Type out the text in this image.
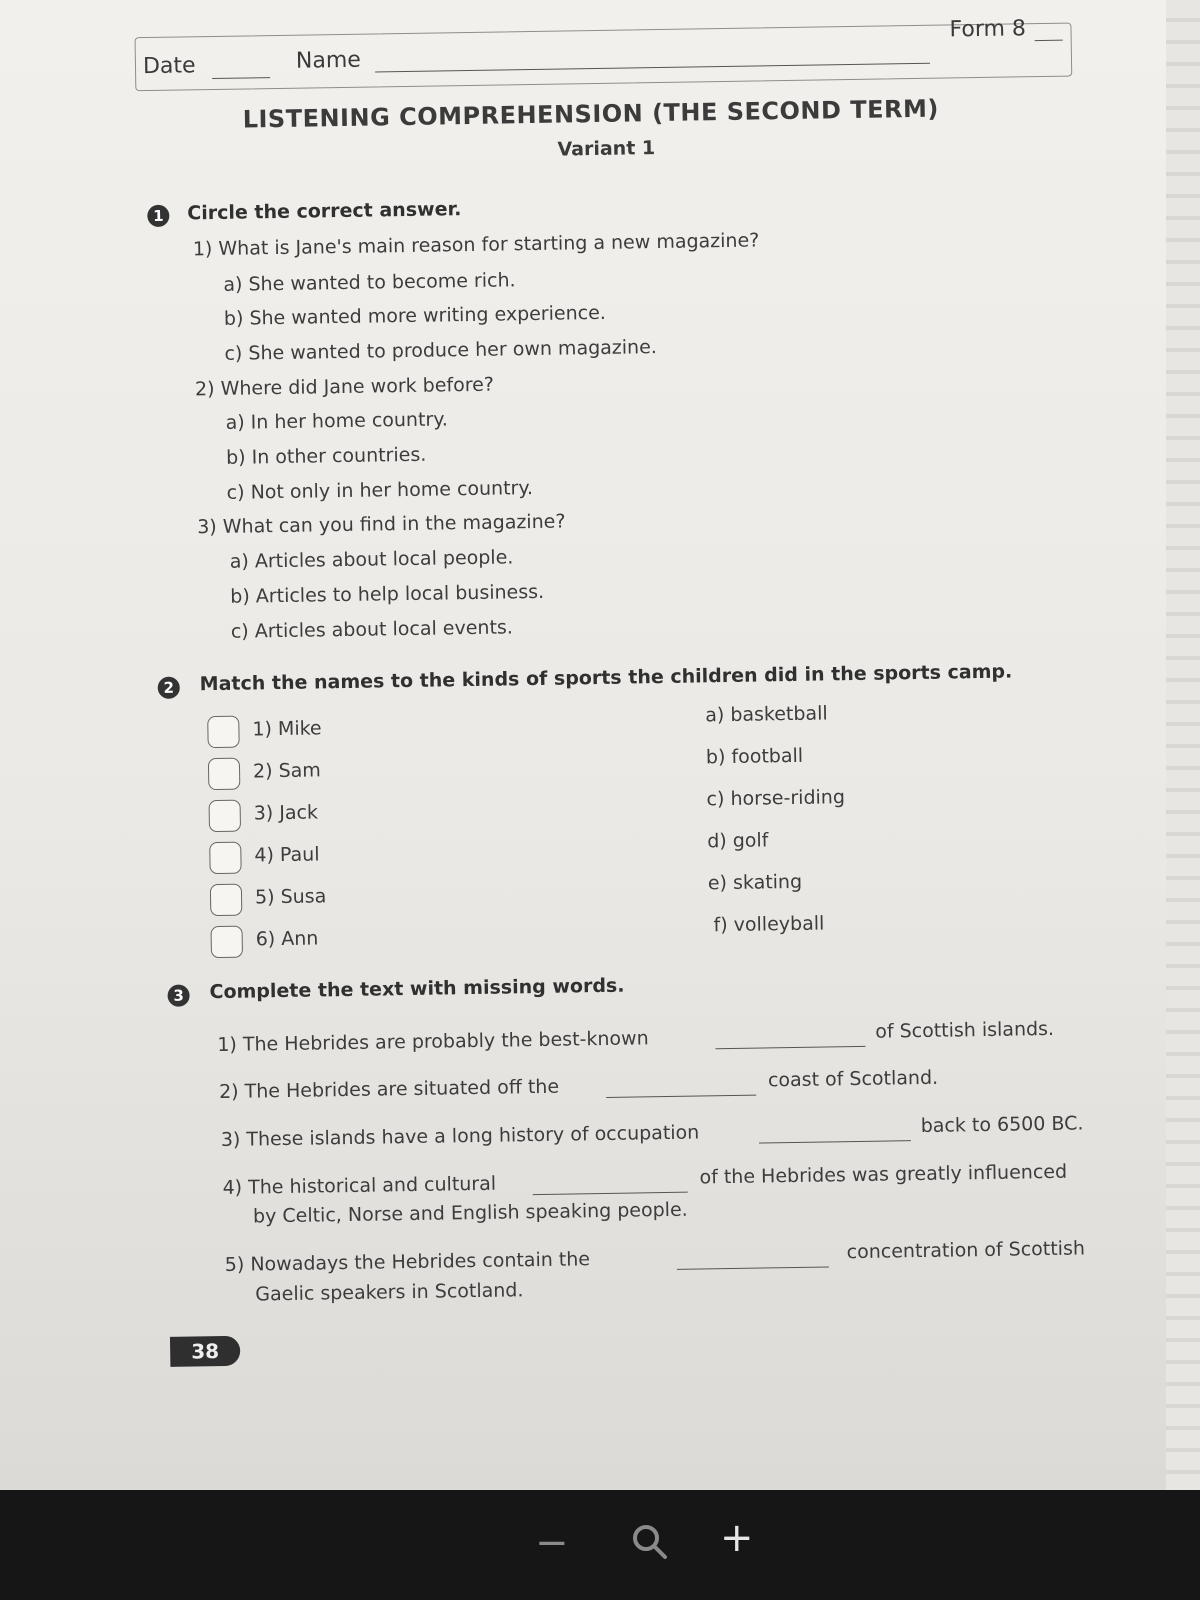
Date	Name
Form 8
LISTENING COMPREHENSION (THE SECOND TERM)
Variant 1
1	Circle the correct answer.
1) What is Jane's main reason for starting a new magazine?
a) She wanted to become rich.
b) She wanted more writing experience.
c) She wanted to produce her own magazine.
2) Where did Jane work before?
a) In her home country.
b) In other countries.
c) Not only in her home country.
3) What can you find in the magazine?
a) Articles about local people.
b) Articles to help local business.
c) Articles about local events.
2	Match the names to the kinds of sports the children did in the sports camp.
1) Mike
2) Sam
3) Jack
4) Paul
5) Susa
6) Ann
a) basketball
b) football
c) horse-riding
d) golf
e) skating
f) volleyball
3	Complete the text with missing words.
1) The Hebrides are probably the best-known	of Scottish islands.
2) The Hebrides are situated off the	coast of Scotland.
3) These islands have a long history of occupation	back to 6500 BC.
4) The historical and cultural	of the Hebrides was greatly influenced
by Celtic, Norse and English speaking people.
5) Nowadays the Hebrides contain the	concentration of Scottish
Gaelic speakers in Scotland.
38
−	+
